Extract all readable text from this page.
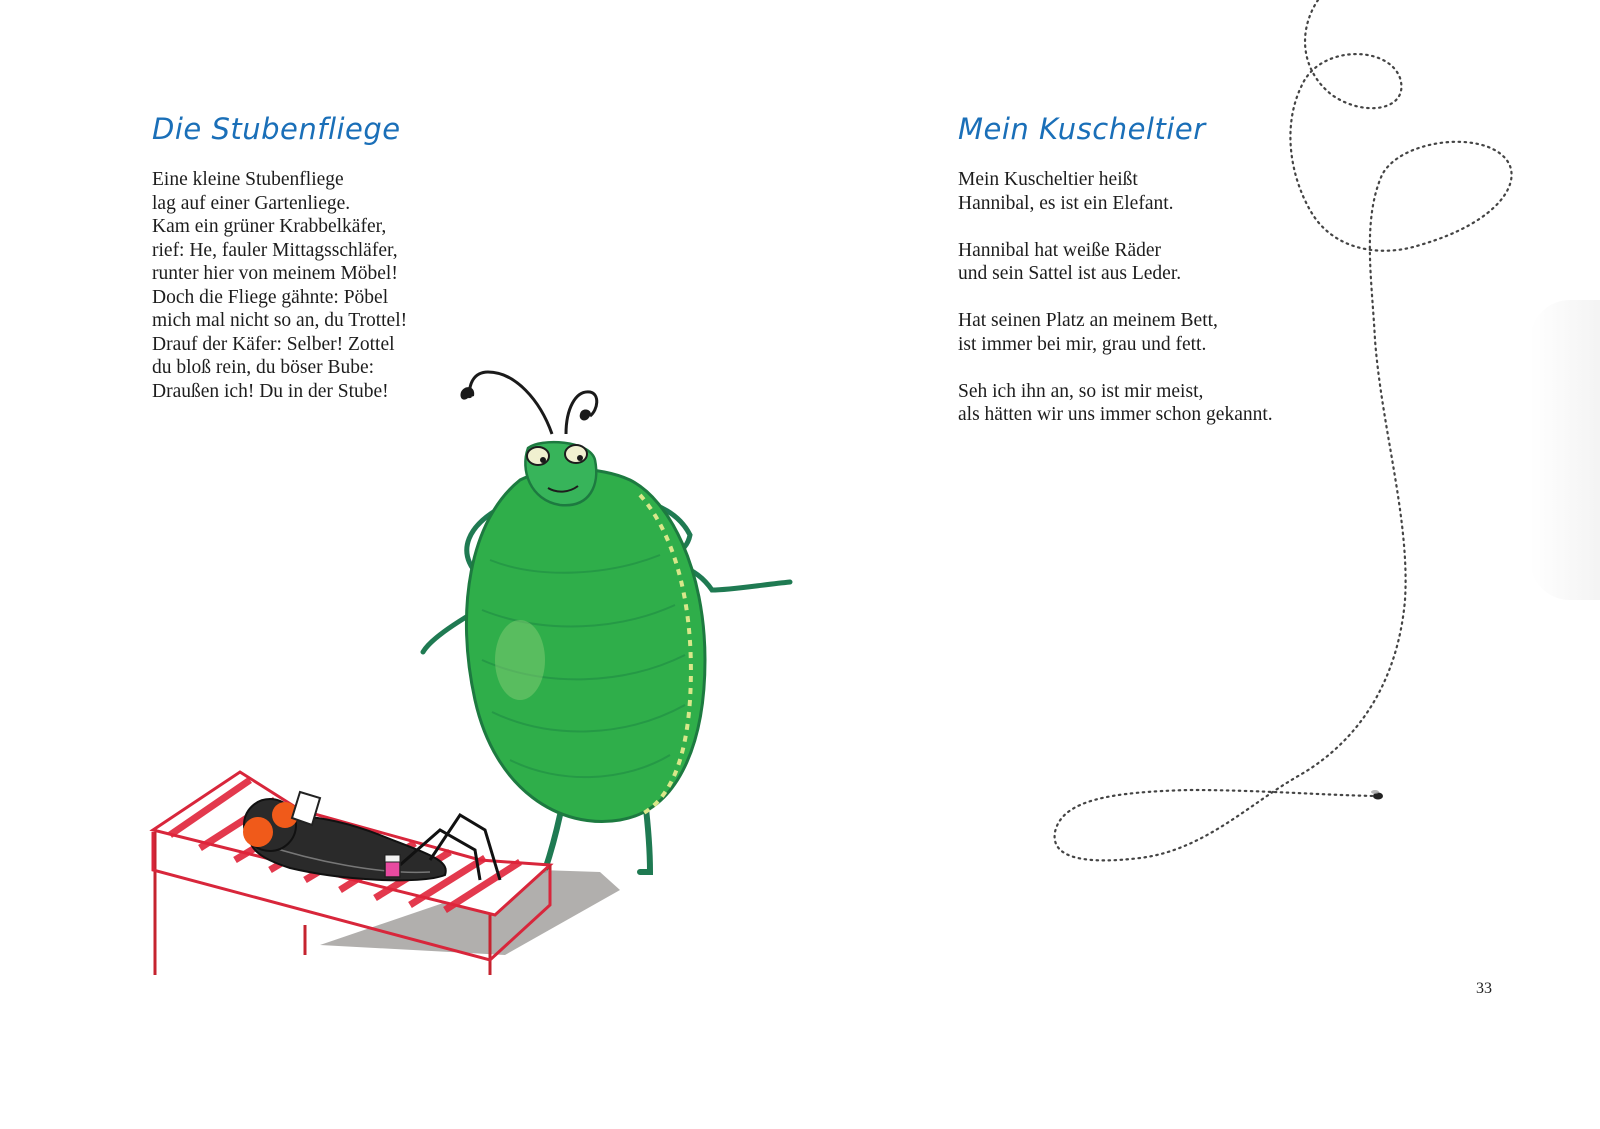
Die Stubenfliege
Eine kleine Stubenfliege
lag auf einer Gartenliege.
Kam ein grüner Krabbelkäfer,
rief: He, fauler Mittagsschläfer,
runter hier von meinem Möbel!
Doch die Fliege gähnte: Pöbel
mich mal nicht so an, du Trottel!
Drauf der Käfer: Selber! Zottel
du bloß rein, du böser Bube:
Draußen ich! Du in der Stube!
Mein Kuscheltier
Mein Kuscheltier heißt
Hannibal, es ist ein Elefant.
Hannibal hat weiße Räder
und sein Sattel ist aus Leder.
Hat seinen Platz an meinem Bett,
ist immer bei mir, grau und fett.
Seh ich ihn an, so ist mir meist,
als hätten wir uns immer schon gekannt.
33
